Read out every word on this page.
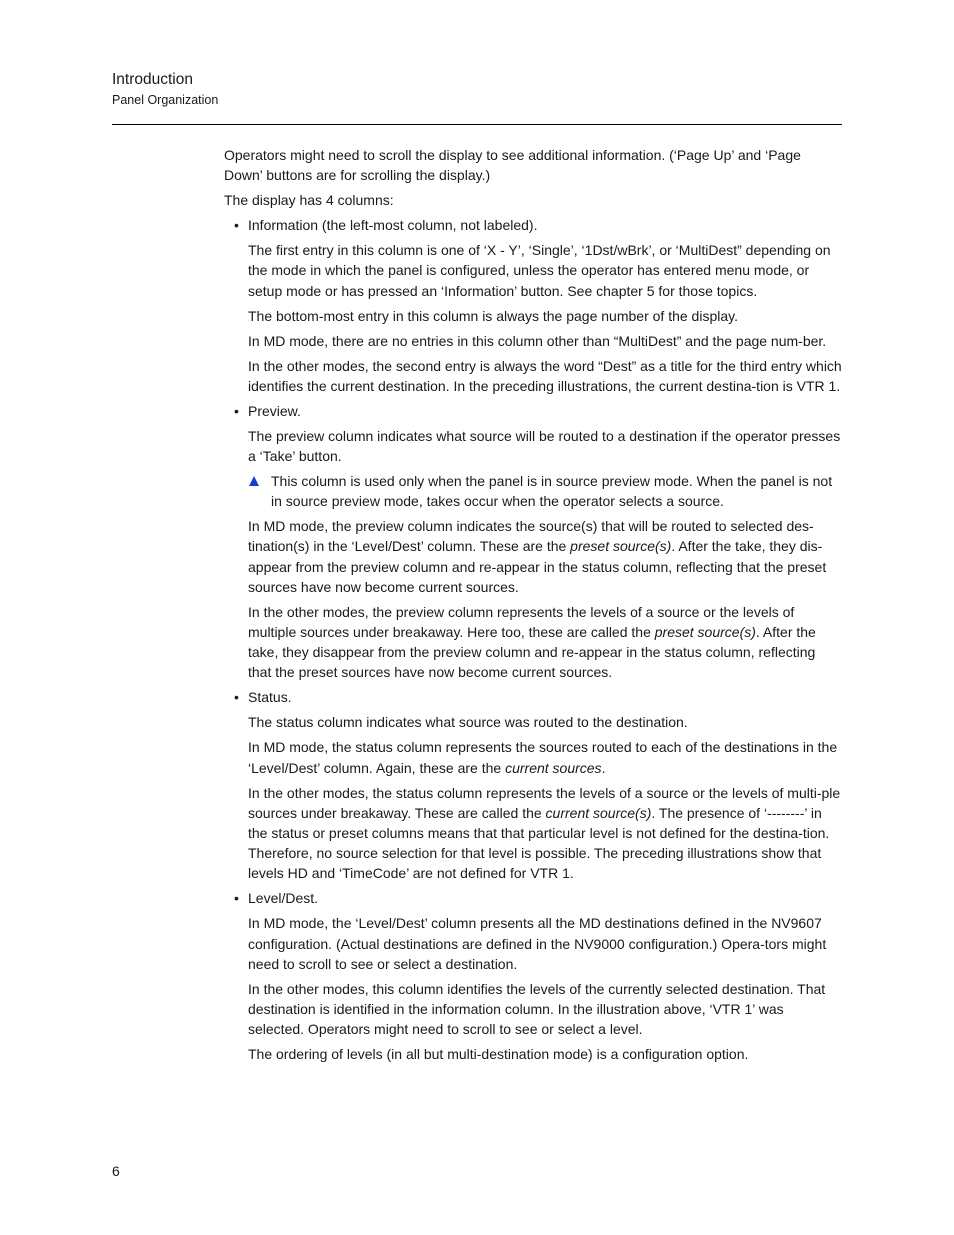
Introduction
Panel Organization

Operators might need to scroll the display to see additional information. (‘Page Up’ and ‘Page Down’ buttons are for scrolling the display.)

The display has 4 columns:

• Information (the left-most column, not labeled).

The first entry in this column is one of ‘X - Y’, ‘Single’, ‘1Dst/wBrk’, or ‘MultiDest” depending on the mode in which the panel is configured, unless the operator has entered menu mode, or setup mode or has pressed an ‘Information’ button. See chapter 5 for those topics.

The bottom-most entry in this column is always the page number of the display.

In MD mode, there are no entries in this column other than “MultiDest” and the page num-ber.

In the other modes, the second entry is always the word “Dest” as a title for the third entry which identifies the current destination. In the preceding illustrations, the current destina-tion is VTR 1.

• Preview.

The preview column indicates what source will be routed to a destination if the operator presses a ‘Take’ button.

This column is used only when the panel is in source preview mode. When the panel is not in source preview mode, takes occur when the operator selects a source.

In MD mode, the preview column indicates the source(s) that will be routed to selected des-tination(s) in the ‘Level/Dest’ column. These are the preset source(s). After the take, they dis-appear from the preview column and re-appear in the status column, reflecting that the preset sources have now become current sources.

In the other modes, the preview column represents the levels of a source or the levels of multiple sources under breakaway. Here too, these are called the preset source(s). After the take, they disappear from the preview column and re-appear in the status column, reflecting that the preset sources have now become current sources.

• Status.

The status column indicates what source was routed to the destination.

In MD mode, the status column represents the sources routed to each of the destinations in the ‘Level/Dest’ column. Again, these are the current sources.

In the other modes, the status column represents the levels of a source or the levels of multi-ple sources under breakaway. These are called the current source(s). The presence of ‘--------’ in the status or preset columns means that that particular level is not defined for the destina-tion. Therefore, no source selection for that level is possible. The preceding illustrations show that levels HD and ‘TimeCode’ are not defined for VTR 1.

• Level/Dest.

In MD mode, the ‘Level/Dest’ column presents all the MD destinations defined in the NV9607 configuration. (Actual destinations are defined in the NV9000 configuration.) Opera-tors might need to scroll to see or select a destination.

In the other modes, this column identifies the levels of the currently selected destination. That destination is identified in the information column. In the illustration above, ‘VTR 1’ was selected. Operators might need to scroll to see or select a level.

The ordering of levels (in all but multi-destination mode) is a configuration option.

6
